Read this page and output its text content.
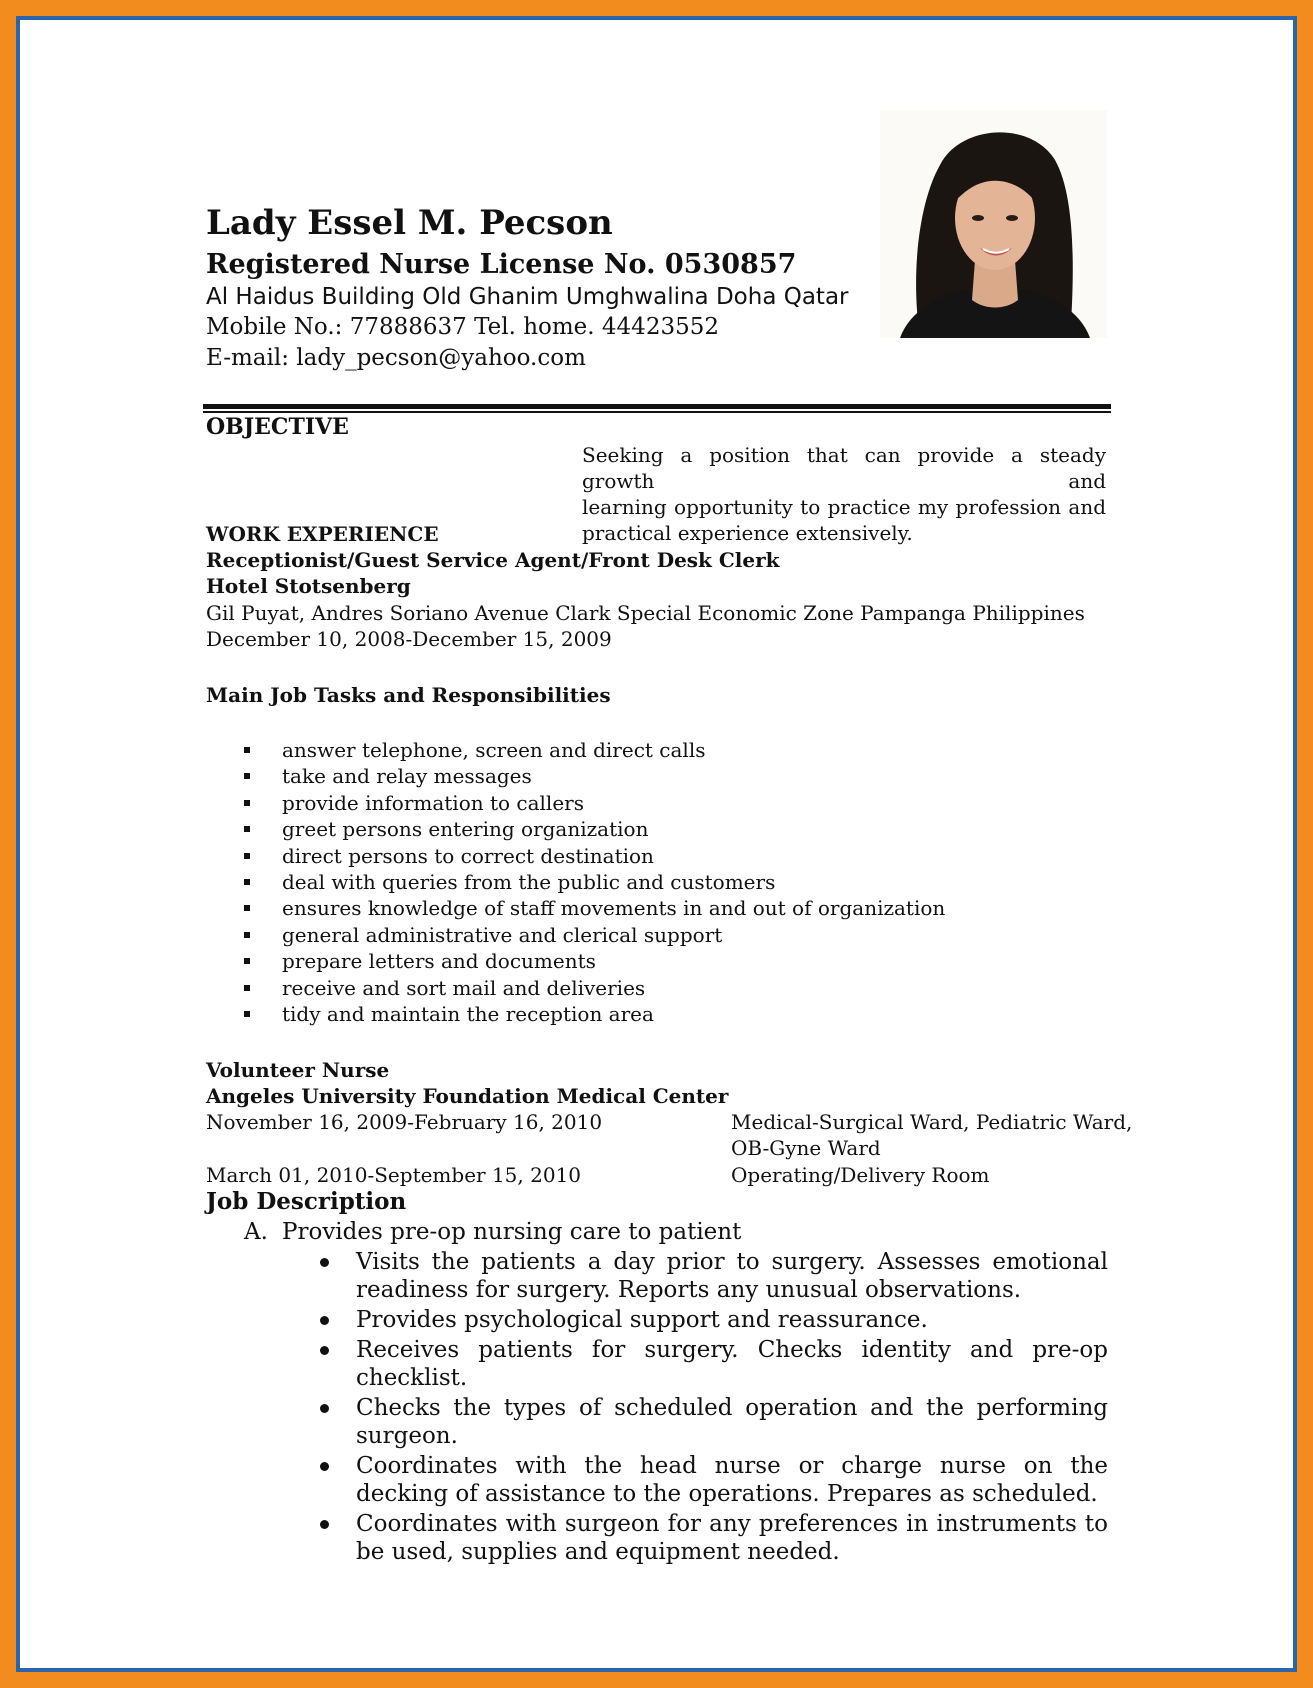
Lady Essel M. Pecson
Registered Nurse License No. 0530857
Al Haidus Building Old Ghanim Umghwalina Doha Qatar
Mobile No.: 77888637 Tel. home. 44423552
E-mail: lady_pecson@yahoo.com
OBJECTIVE
Seeking a position that can provide a steady growth and
learning opportunity to practice my profession and
practical experience extensively.
WORK EXPERIENCE
Receptionist/Guest Service Agent/Front Desk Clerk
Hotel Stotsenberg
Gil Puyat, Andres Soriano Avenue Clark Special Economic Zone Pampanga Philippines
December 10, 2008-December 15, 2009
Main Job Tasks and Responsibilities
answer telephone, screen and direct calls
take and relay messages
provide information to callers
greet persons entering organization
direct persons to correct destination
deal with queries from the public and customers
ensures knowledge of staff movements in and out of organization
general administrative and clerical support
prepare letters and documents
receive and sort mail and deliveries
tidy and maintain the reception area
Volunteer Nurse
Angeles University Foundation Medical Center
November 16, 2009-February 16, 2010	Medical-Surgical Ward, Pediatric Ward,
OB-Gyne Ward
March 01, 2010-September 15, 2010	Operating/Delivery Room
Job Description
A. Provides pre-op nursing care to patient
Visits the patients a day prior to surgery. Assesses emotional readiness for surgery. Reports any unusual observations.
Provides psychological support and reassurance.
Receives patients for surgery. Checks identity and pre-op checklist.
Checks the types of scheduled operation and the performing surgeon.
Coordinates with the head nurse or charge nurse on the decking of assistance to the operations. Prepares as scheduled.
Coordinates with surgeon for any preferences in instruments to be used, supplies and equipment needed.
